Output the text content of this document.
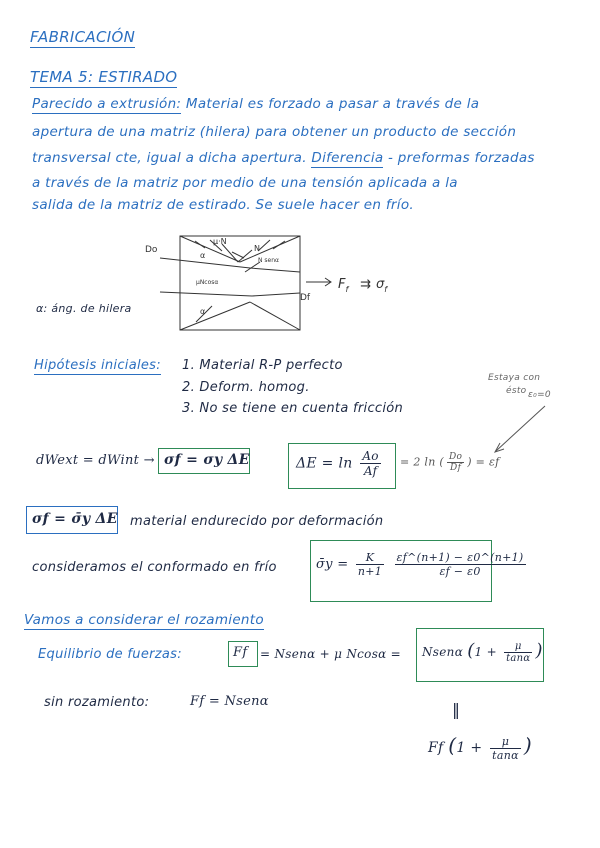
FABRICACIÓN
TEMA 5: ESTIRADO
Parecido a extrusión: Material es forzado a pasar a través de la
apertura de una matriz (hilera) para obtener un producto de sección
transversal cte, igual a dicha apertura. Diferencia - preformas forzadas
a través de la matriz por medio de una tensión aplicada a la
salida de la matriz de estirado. Se suele hacer en frío.
Do
Df
μ·N
N
N senα
μNcosα
α
α
$F_f$ ⇉ $\sigma_f$
α: áng. de hilera
Hipótesis iniciales: 1. Material R-P perfecto
2. Deform. homog.
3. No se tiene en cuenta fricción
Estaya con
ésto ε₀=0
dWext = dWint → σf = σy ΔE	$\Delta E = \ln \frac{Ao}{Af} = 2$ ln ( $\frac{Do}{Df}$ ) = εf
σf = σ̄y ΔE material endurecido por deformación
consideramos el conformado en frío	σ̄y = $\frac{K}{n+1}$
$\frac{\varepsilon f\^{}(n+1) - \varepsilon 0\^{}(n+1)}{\varepsilon f - \varepsilon 0}$
Vamos a considerar el rozamiento
Equilibrio de fuerzas:	Ff = Nsenα + μ Ncosα = Nsenα ($1 + \frac{\mu}{\tan\alpha}$ )
sin rozamiento:	Ff = Nsenα	‖
Ff ($1 + \frac{\mu}{\tan\alpha}$ )
